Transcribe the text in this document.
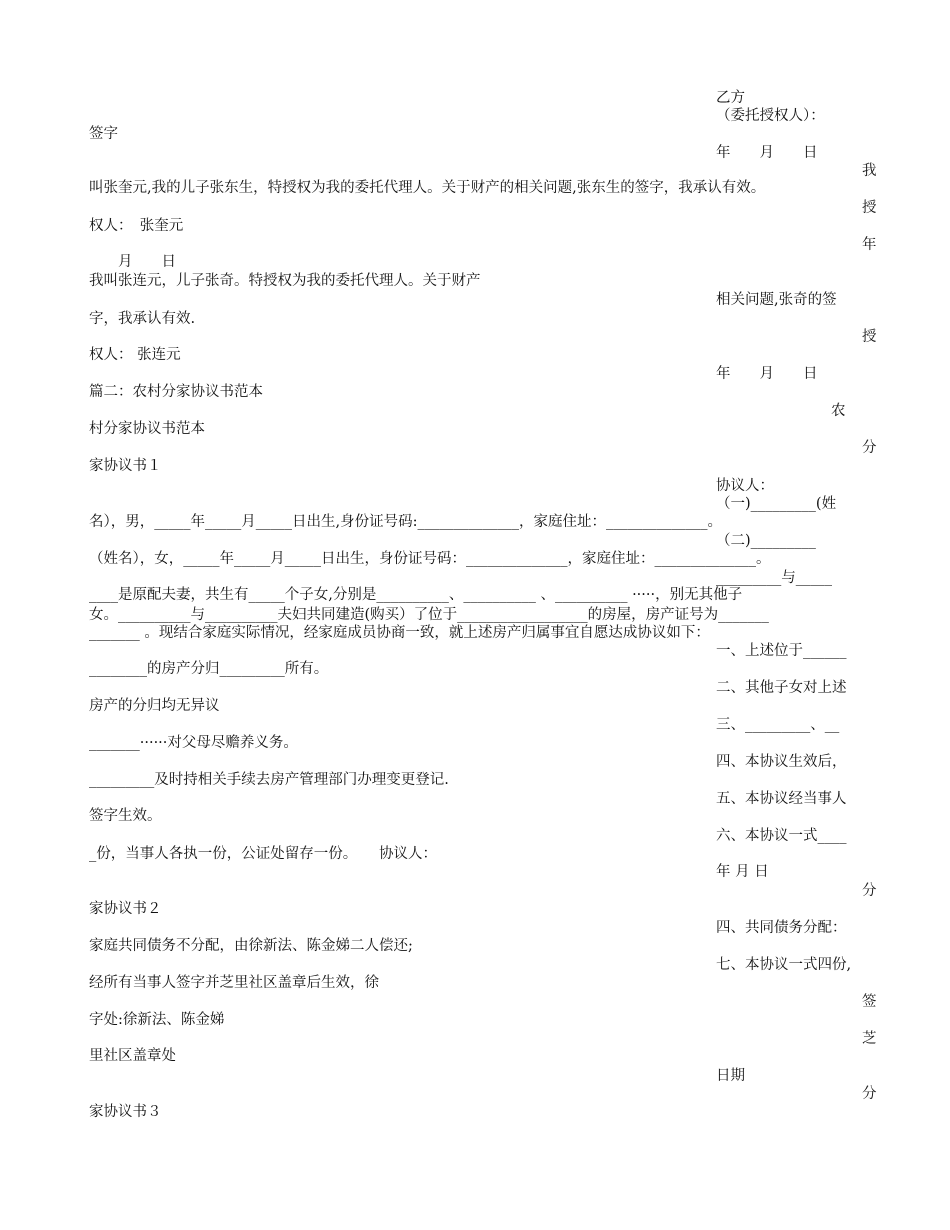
签字
叫张奎元,我的儿子张东生，特授权为我的委托代理人。关于财产的相关问题,张东生的签字，我承认有效。
权人：　张奎元
月　　日
我叫张连元，儿子张奇。特授权为我的委托代理人。关于财产
字，我承认有效.
权人： 张连元
篇二：农村分家协议书范本
村分家协议书范本
家协议书１
名），男，_____年_____月_____日出生,身份证号码:______________，家庭住址：______________。
（姓名），女，_____年_____月_____日出生，身份证号码：______________，家庭住址：______________。
____是原配夫妻，共生有_____个子女,分别是__________、__________ 、__________ ·····，别无其他子
女。__________与__________夫妇共同建造(购买）了位于__________________的房屋，房产证号为_______
_______ 。现结合家庭实际情况，经家庭成员协商一致，就上述房产归属事宜自愿达成协议如下：
________的房产分归_________所有。
房产的分归均无异议
_______······对父母尽赡养义务。
_________及时持相关手续去房产管理部门办理变更登记.
签字生效。
_份，当事人各执一份，公证处留存一份。　　协议人：
家协议书２
家庭共同债务不分配，由徐新法、陈金娣二人偿还;
经所有当事人签字并芝里社区盖章后生效，徐
字处:徐新法、陈金娣
里社区盖章处
家协议书３
乙方
（委托授权人）：
年　　月　　日
我
授
年
相关问题,张奇的签
授
年　　月　　日
农
分
协议人：
（一)_________(姓
（二)_________
_________与_____
一、上述位于______
二、其他子女对上述
三、_________、__
四、本协议生效后，
五、本协议经当事人
六、本协议一式____
年 月 日
分
四、共同债务分配：
七、本协议一式四份,
签
芝
日期
分
